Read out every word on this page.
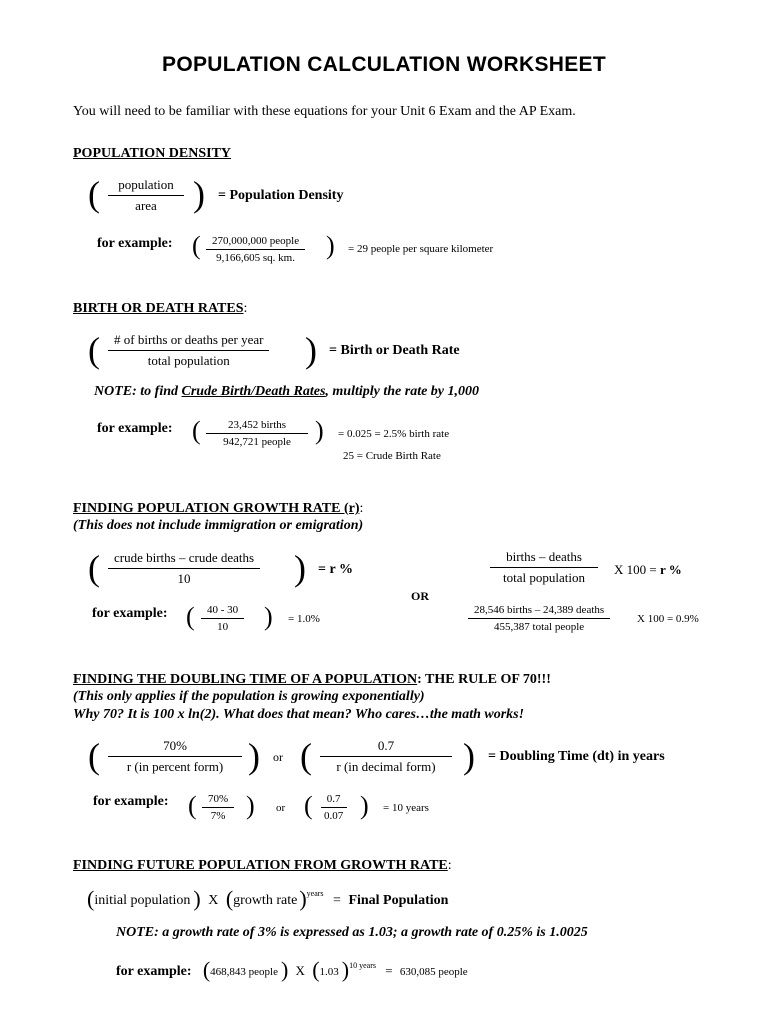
POPULATION CALCULATION WORKSHEET
You will need to be familiar with these equations for your Unit 6 Exam and the AP Exam.
POPULATION DENSITY
(	population
area ) = Population Density
for example: (	270,000,000 people
9,166,605 sq. km. ) = 29 people per square kilometer
BIRTH OR DEATH RATES:
(	# of births or deaths per year
total population ) = Birth or Death Rate
NOTE: to find Crude Birth/Death Rates, multiply the rate by 1,000
for example: (	23,452 births
942,721 people ) = 0.025 = 2.5% birth rate
25 = Crude Birth Rate
FINDING POPULATION GROWTH RATE (r):
(This does not include immigration or emigration)
(	crude births – crude deaths
10	) = r %
OR
births – deaths
total population
X 100 = r %
for example: ( $\frac{40 - 30}{10}$ ) = 1.0%
28,546 births – 24,389 deaths
455,387 total people
X 100 = 0.9%
FINDING THE DOUBLING TIME OF A POPULATION: THE RULE OF 70!!!
(This only applies if the population is growing exponentially)
Why 70? It is 100 x ln(2). What does that mean? Who cares…the math works!
(	70%
r (in percent form) ) or (	0.7
r (in decimal form) ) = Doubling Time (dt) in years
for example: ( $\frac{70\%}{7\%}$ ) or ( $\frac{0.7}{0.07}$ ) = 10 years
FINDING FUTURE POPULATION FROM GROWTH RATE:
(initial population ) X (growth rate)$^{years}$ = Final Population
NOTE: a growth rate of 3% is expressed as 1.03; a growth rate of 0.25% is 1.0025
for example: (468,843 people ) X (1.03 )$^{10 years}$ = 630,085 people
